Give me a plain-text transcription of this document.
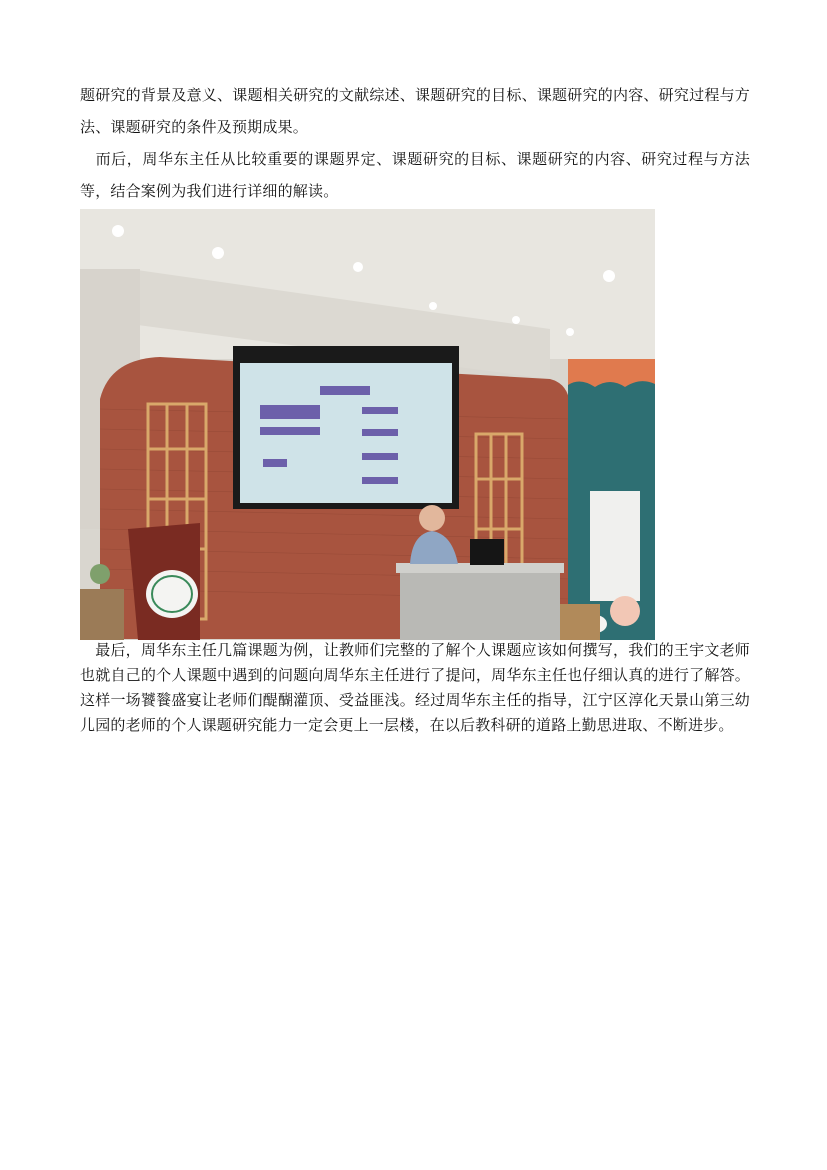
题研究的背景及意义、课题相关研究的文献综述、课题研究的目标、课题研究的内容、研究过程与方法、课题研究的条件及预期成果。

　而后，周华东主任从比较重要的课题界定、课题研究的目标、课题研究的内容、研究过程与方法等，结合案例为我们进行详细的解读。

　最后，周华东主任几篇课题为例，让教师们完整的了解个人课题应该如何撰写，我们的王宇文老师也就自己的个人课题中遇到的问题向周华东主任进行了提问，周华东主任也仔细认真的进行了解答。这样一场饕餮盛宴让老师们醍醐灌顶、受益匪浅。经过周华东主任的指导，江宁区淳化天景山第三幼儿园的老师的个人课题研究能力一定会更上一层楼，在以后教科研的道路上勤思进取、不断进步。
